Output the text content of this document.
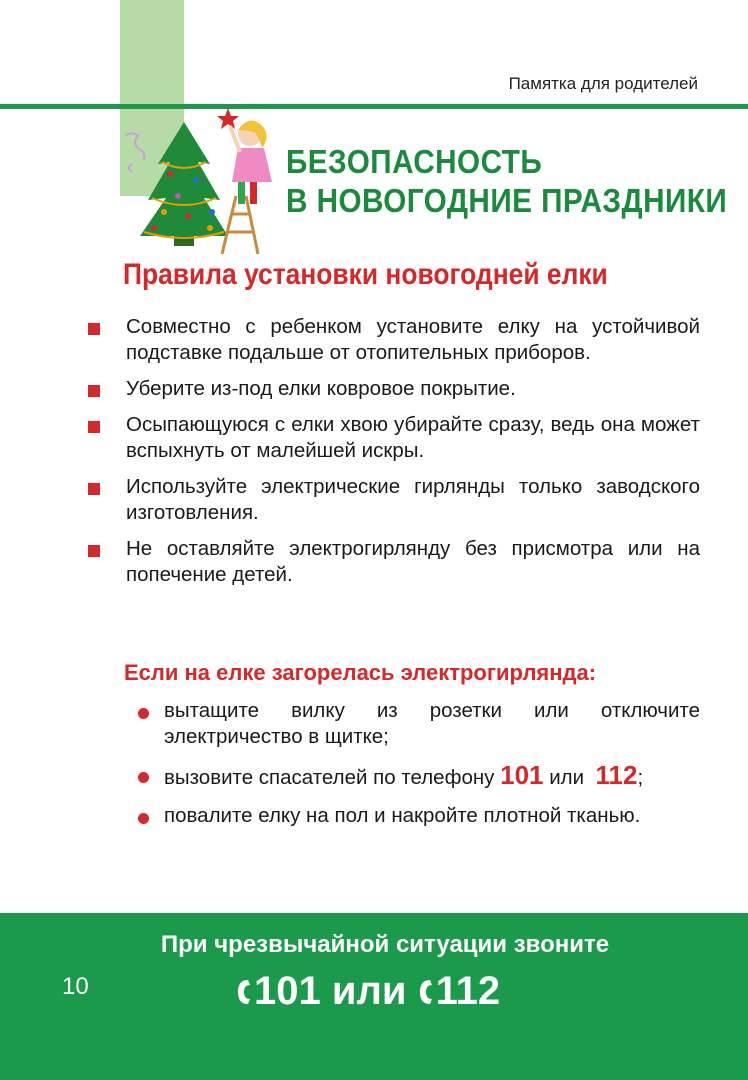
Памятка для родителей
БЕЗОПАСНОСТЬ
В НОВОГОДНИЕ ПРАЗДНИКИ
Правила установки новогодней елки
Совместно с ребенком установите елку на устойчивой подставке подальше от отопительных приборов.
Уберите из-под елки ковровое покрытие.
Осыпающуюся с елки хвою убирайте сразу, ведь она может вспыхнуть от малейшей искры.
Используйте электрические гирлянды только заводского изготовления.
Не оставляйте электрогирлянду без присмотра или на попечение детей.
Если на елке загорелась электрогирлянда:
вытащите вилку из розетки или отключите электричество в щитке;
вызовите спасателей по телефону 101 или 112;
повалите елку на пол и накройте плотной тканью.
При чрезвычайной ситуации звоните
10	101
или
112
